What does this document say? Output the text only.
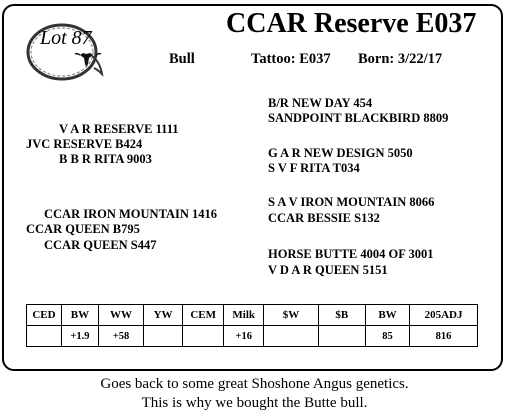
Lot 87	CCAR Reserve E037
Bull	Tattoo: E037 Born: 3/22/17
V A R RESERVE 1111
JVC RESERVE B424
B B R RITA 9003
CCAR IRON MOUNTAIN 1416
CCAR QUEEN B795
CCAR QUEEN S447
B/R NEW DAY 454
SANDPOINT BLACKBIRD 8809
G A R NEW DESIGN 5050
S V F RITA T034
S A V IRON MOUNTAIN 8066
CCAR BESSIE S132
HORSE BUTTE 4004 OF 3001
V D A R QUEEN 5151
CED	BW	WW	YW	CEM	Milk	$W	$B	BW	205ADJ
	+1.9	+58			+16			85	816
Goes back to some great Shoshone Angus genetics.
This is why we bought the Butte bull.
